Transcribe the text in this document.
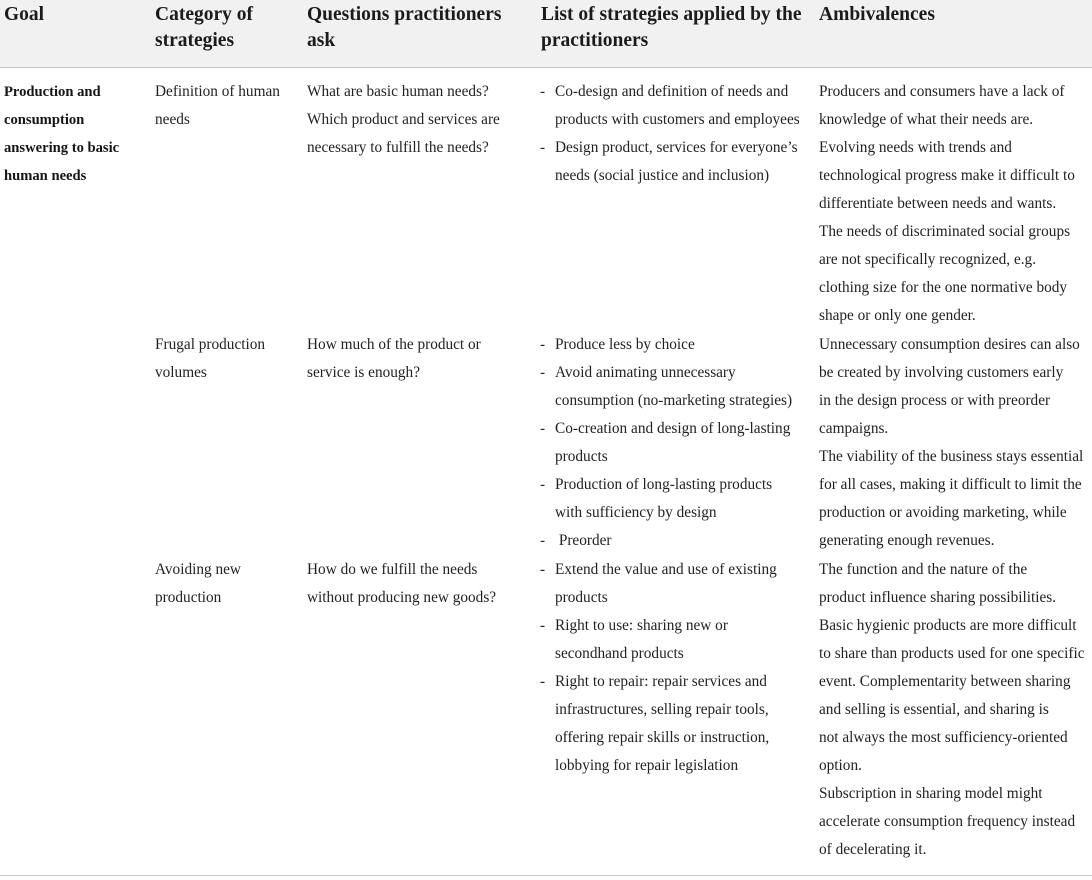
Goal	Category of
strategies
Questions practitioners
ask
List of strategies applied by the
practitioners
Ambivalences
Production and
consumption
answering to basic
human needs
Definition of human
needs
What are basic human needs?
Which product and services are
necessary to fulfill the needs?
- Co-design and definition of needs and
products with customers and employees
- Design product, services for everyone’s
needs (social justice and inclusion)
Producers and consumers have a lack of
knowledge of what their needs are.
Evolving needs with trends and
technological progress make it difficult to
differentiate between needs and wants.
The needs of discriminated social groups
are not specifically recognized, e.g.
clothing size for the one normative body
shape or only one gender.
Frugal production
volumes
How much of the product or
service is enough?
- Produce less by choice
- Avoid animating unnecessary
consumption (no-marketing strategies)
- Co-creation and design of long-lasting
products
- Production of long-lasting products
with sufficiency by design
- Preorder
Unnecessary consumption desires can also
be created by involving customers early
in the design process or with preorder
campaigns.
The viability of the business stays essential
for all cases, making it difficult to limit the
production or avoiding marketing, while
generating enough revenues.
Avoiding new
production
How do we fulfill the needs
without producing new goods?
- Extend the value and use of existing
products
- Right to use: sharing new or
secondhand products
- Right to repair: repair services and
infrastructures, selling repair tools,
offering repair skills or instruction,
lobbying for repair legislation
The function and the nature of the
product influence sharing possibilities.
Basic hygienic products are more difficult
to share than products used for one specific
event. Complementarity between sharing
and selling is essential, and sharing is
not always the most sufficiency-oriented
option.
Subscription in sharing model might
accelerate consumption frequency instead
of decelerating it.
